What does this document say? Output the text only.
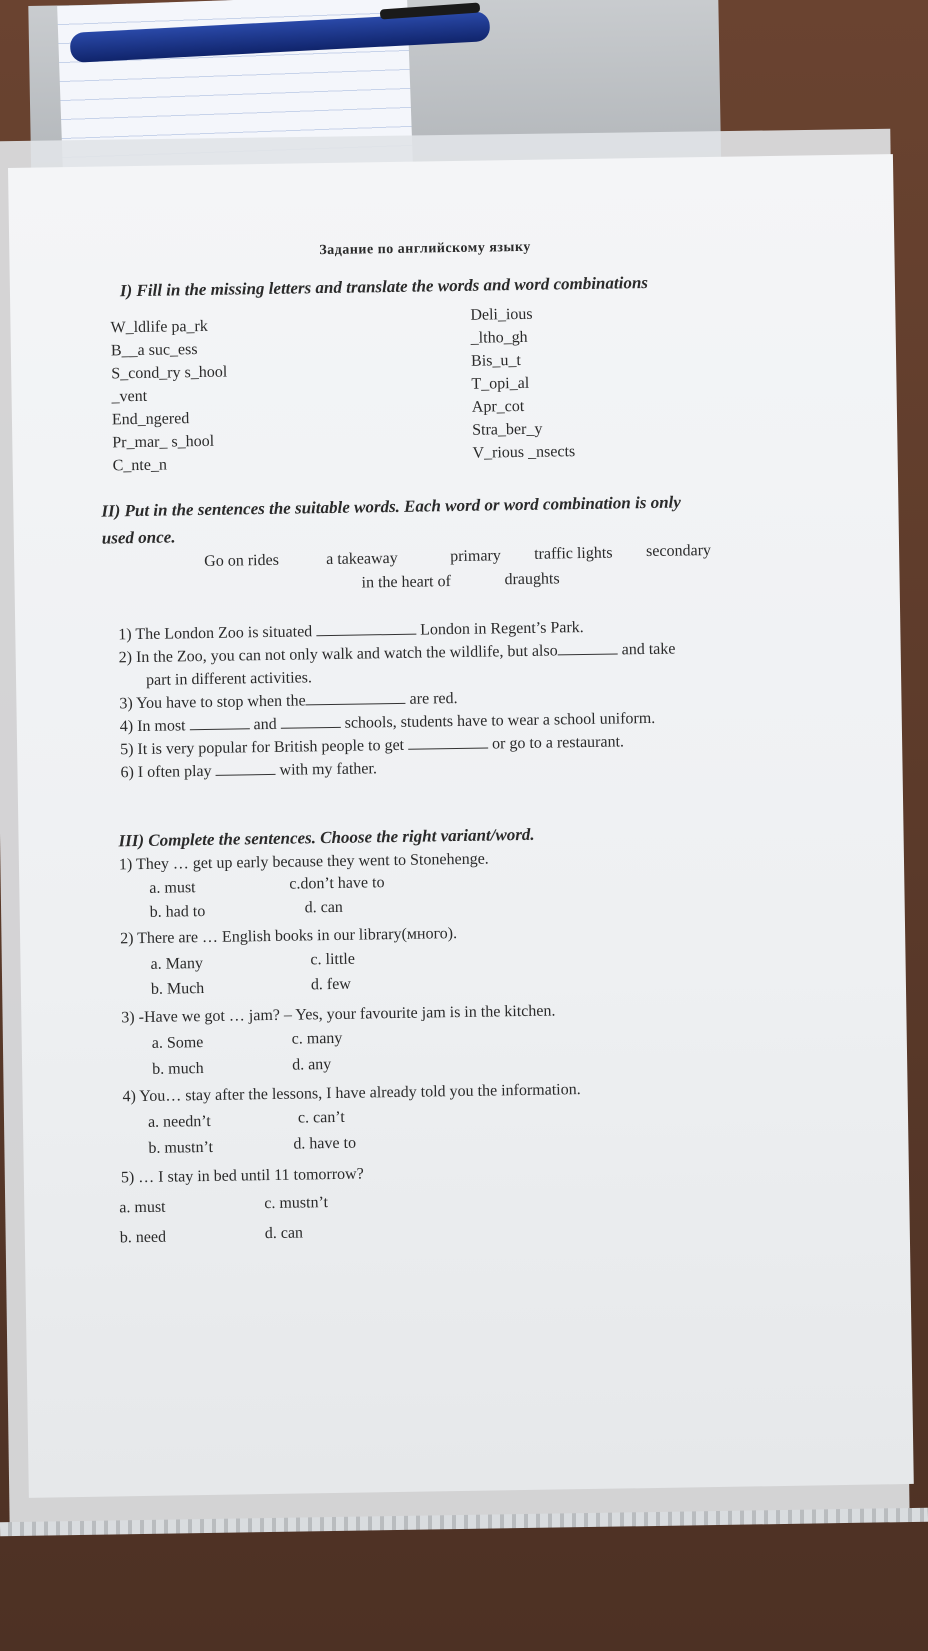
Задание по английскому языку
I) Fill in the missing letters and translate the words and word combinations
W_ldlife pa_rk
B__a suc_ess
S_cond_ry s_hool
_vent
End_ngered
Pr_mar_ s_hool
C_nte_n
Deli_ious
_ltho_gh
Bis_u_t
T_opi_al
Apr_cot
Stra_ber_y
V_rious _nsects
II) Put in the sentences the suitable words. Each word or word combination is only
used once.
Go on rides	a takeaway	primary traffic lights secondary
in the heart of	draughts
1) The London Zoo is situated	London in Regent’s Park.
2) In the Zoo, you can not only walk and watch the wildlife, but also	and take
part in different activities.
3) You have to stop when the	are red.
4) In most	and	schools, students have to wear a school uniform.
5) It is very popular for British people to get	or go to a restaurant.
6) I often play	with my father.
III) Complete the sentences. Choose the right variant/word.
1) They … get up early because they went to Stonehenge.
a. must	c.don’t have to
b. had to	d. can
2) There are … English books in our library(много).
a. Many	c. little
b. Much	d. few
3) -Have we got … jam? – Yes, your favourite jam is in the kitchen.
a. Some	c. many
b. much	d. any
4) You… stay after the lessons, I have already told you the information.
a. needn’t	c. can’t
b. mustn’t	d. have to
5) … I stay in bed until 11 tomorrow?
a. must	c. mustn’t
b. need	d. can
